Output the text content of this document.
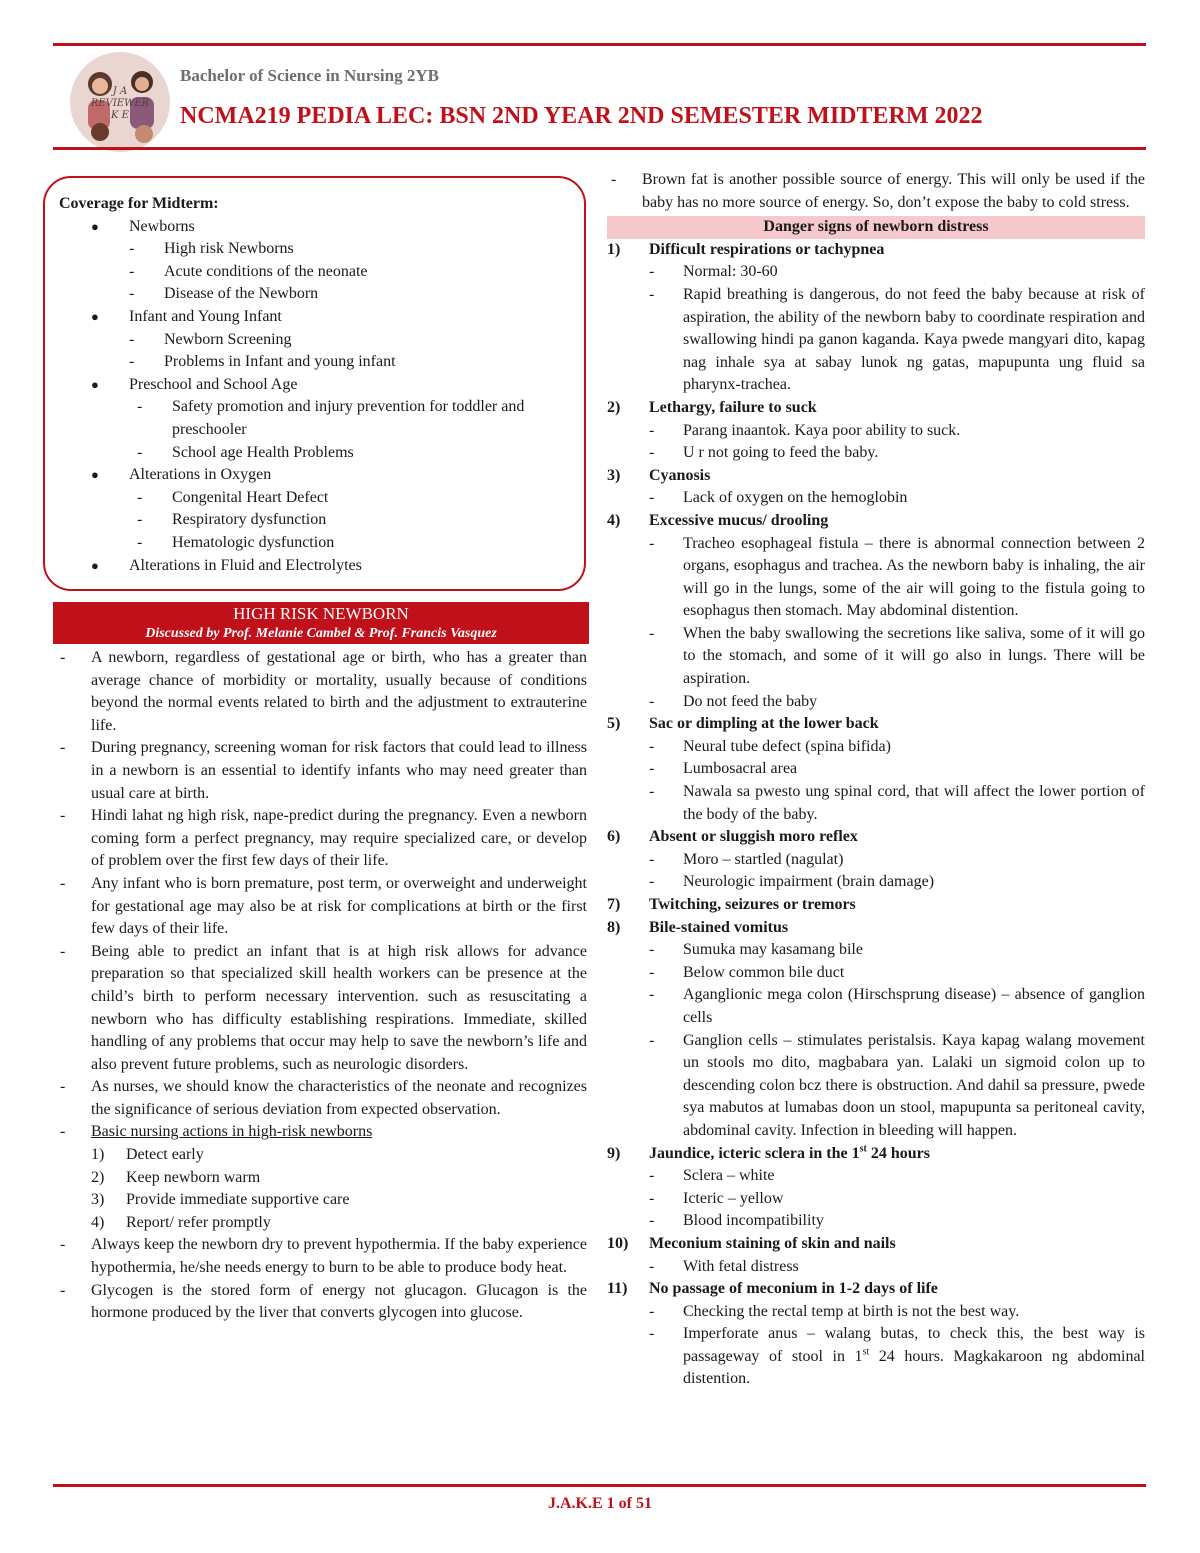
J A
REVIEWER
K E
Bachelor of Science in Nursing 2YB
NCMA219 PEDIA LEC: BSN 2ND YEAR 2ND SEMESTER MIDTERM 2022
Coverage for Midterm:
● Newborns
- High risk Newborns
- Acute conditions of the neonate
- Disease of the Newborn
● Infant and Young Infant
- Newborn Screening
- Problems in Infant and young infant
● Preschool and School Age
- Safety promotion and injury prevention for toddler and preschooler
- School age Health Problems
● Alterations in Oxygen
- Congenital Heart Defect
- Respiratory dysfunction
- Hematologic dysfunction
● Alterations in Fluid and Electrolytes
HIGH RISK NEWBORN
Discussed by Prof. Melanie Cambel & Prof. Francis Vasquez
- A newborn, regardless of gestational age or birth, who has a greater than average chance of morbidity or mortality, usually because of conditions beyond the normal events related to birth and the adjustment to extrauterine life.
- During pregnancy, screening woman for risk factors that could lead to illness in a newborn is an essential to identify infants who may need greater than usual care at birth.
- Hindi lahat ng high risk, nape-predict during the pregnancy. Even a newborn coming form a perfect pregnancy, may require specialized care, or develop of problem over the first few days of their life.
- Any infant who is born premature, post term, or overweight and underweight for gestational age may also be at risk for complications at birth or the first few days of their life.
- Being able to predict an infant that is at high risk allows for advance preparation so that specialized skill health workers can be presence at the child’s birth to perform necessary intervention. such as resuscitating a newborn who has difficulty establishing respirations. Immediate, skilled handling of any problems that occur may help to save the newborn’s life and also prevent future problems, such as neurologic disorders.
- As nurses, we should know the characteristics of the neonate and recognizes the significance of serious deviation from expected observation.
- Basic nursing actions in high-risk newborns
1) Detect early
2) Keep newborn warm
3) Provide immediate supportive care
4) Report/ refer promptly
- Always keep the newborn dry to prevent hypothermia. If the baby experience hypothermia, he/she needs energy to burn to be able to produce body heat.
- Glycogen is the stored form of energy not glucagon. Glucagon is the hormone produced by the liver that converts glycogen into glucose.
- Brown fat is another possible source of energy. This will only be used if the baby has no more source of energy. So, don’t expose the baby to cold stress.
Danger signs of newborn distress
1) Difficult respirations or tachypnea
- Normal: 30-60
- Rapid breathing is dangerous, do not feed the baby because at risk of aspiration, the ability of the newborn baby to coordinate respiration and swallowing hindi pa ganon kaganda. Kaya pwede mangyari dito, kapag nag inhale sya at sabay lunok ng gatas, mapupunta ung fluid sa pharynx-trachea.
2) Lethargy, failure to suck
- Parang inaantok. Kaya poor ability to suck.
- U r not going to feed the baby.
3) Cyanosis
- Lack of oxygen on the hemoglobin
4) Excessive mucus/ drooling
- Tracheo esophageal fistula – there is abnormal connection between 2 organs, esophagus and trachea. As the newborn baby is inhaling, the air will go in the lungs, some of the air will going to the fistula going to esophagus then stomach. May abdominal distention.
- When the baby swallowing the secretions like saliva, some of it will go to the stomach, and some of it will go also in lungs. There will be aspiration.
- Do not feed the baby
5) Sac or dimpling at the lower back
- Neural tube defect (spina bifida)
- Lumbosacral area
- Nawala sa pwesto ung spinal cord, that will affect the lower portion of the body of the baby.
6) Absent or sluggish moro reflex
- Moro – startled (nagulat)
- Neurologic impairment (brain damage)
7) Twitching, seizures or tremors
8) Bile-stained vomitus
- Sumuka may kasamang bile
- Below common bile duct
- Aganglionic mega colon (Hirschsprung disease) – absence of ganglion cells
- Ganglion cells – stimulates peristalsis. Kaya kapag walang movement un stools mo dito, magbabara yan. Lalaki un sigmoid colon up to descending colon bcz there is obstruction. And dahil sa pressure, pwede sya mabutos at lumabas doon un stool, mapupunta sa peritoneal cavity, abdominal cavity. Infection in bleeding will happen.
9) Jaundice, icteric sclera in the 1st 24 hours
- Sclera – white
- Icteric – yellow
- Blood incompatibility
10) Meconium staining of skin and nails
- With fetal distress
11) No passage of meconium in 1-2 days of life
- Checking the rectal temp at birth is not the best way.
- Imperforate anus – walang butas, to check this, the best way is passageway of stool in 1st 24 hours. Magkakaroon ng abdominal distention.
J.A.K.E 1 of 51
